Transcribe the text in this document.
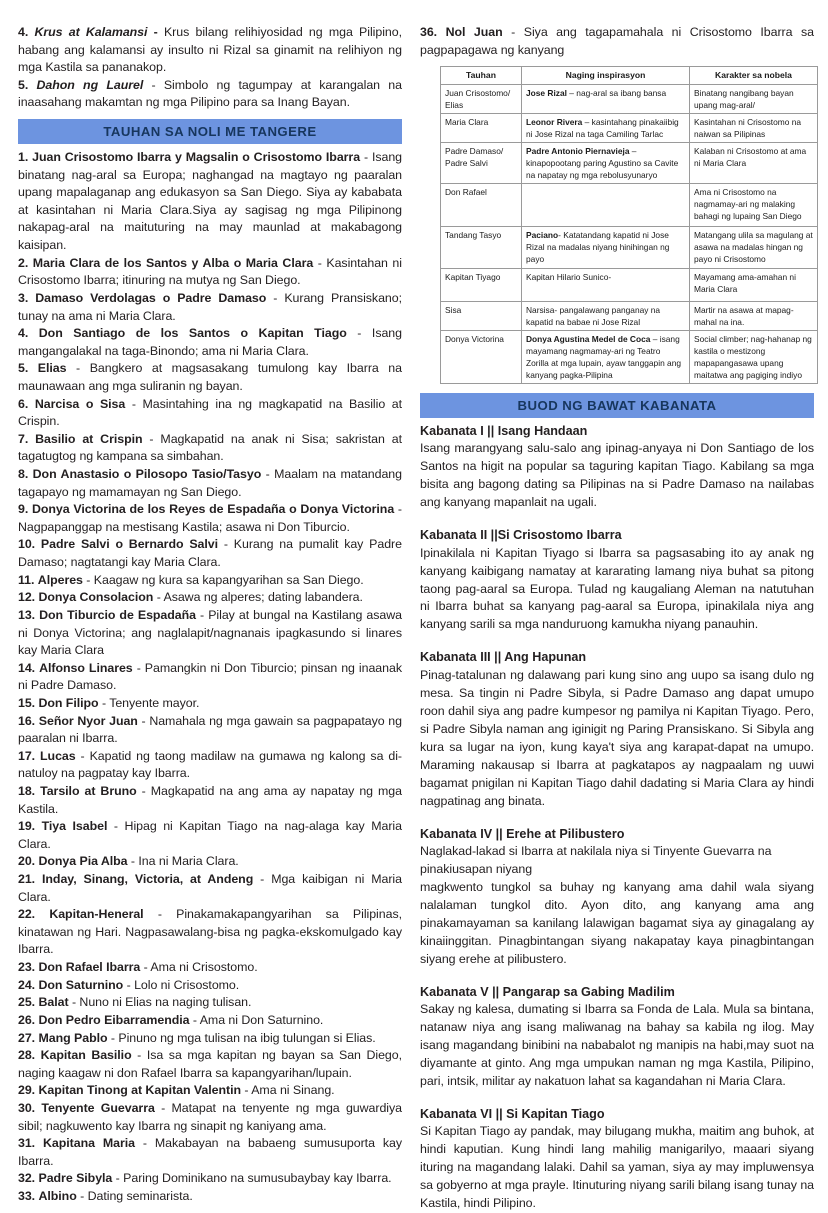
4. Krus at Kalamansi - Krus bilang relihiyosidad ng mga Pilipino, habang ang kalamansi ay insulto ni Rizal sa ginamit na relihiyon ng mga Kastila sa pananakop.

5. Dahon ng Laurel - Simbolo ng tagumpay at karangalan na inaasahang makamtan ng mga Pilipino para sa Inang Bayan.

TAUHAN SA NOLI ME TANGERE

1. Juan Crisostomo Ibarra y Magsalin o Crisostomo Ibarra - Isang binatang nag-aral sa Europa; naghangad na magtayo ng paaralan upang mapalaganap ang edukasyon sa San Diego. Siya ay kababata at kasintahan ni Maria Clara.Siya ay sagisag ng mga Pilipinong nakapag-aral na maituturing na may maunlad at makabagong kaisipan.

2. Maria Clara de los Santos y Alba o Maria Clara - Kasintahan ni Crisostomo Ibarra; itinuring na mutya ng San Diego.

3. Damaso Verdolagas o Padre Damaso - Kurang Pransiskano; tunay na ama ni Maria Clara.

4. Don Santiago de los Santos o Kapitan Tiago - Isang mangangalakal na taga-Binondo; ama ni Maria Clara.

5. Elias - Bangkero at magsasakang tumulong kay Ibarra na maunawaan ang mga suliranin ng bayan.

6. Narcisa o Sisa - Masintahing ina ng magkapatid na Basilio at Crispin.

7. Basilio at Crispin - Magkapatid na anak ni Sisa; sakristan at tagatugtog ng kampana sa simbahan.

8. Don Anastasio o Pilosopo Tasio/Tasyo - Maalam na matandang tagapayo ng mamamayan ng San Diego.

9. Donya Victorina de los Reyes de Espadaña o Donya Victorina - Nagpapanggap na mestisang Kastila; asawa ni Don Tiburcio.

10. Padre Salvi o Bernardo Salvi - Kurang na pumalit kay Padre Damaso; nagtatangi kay Maria Clara.

11. Alperes - Kaagaw ng kura sa kapangyarihan sa San Diego.

12. Donya Consolacion - Asawa ng alperes; dating labandera.

13. Don Tiburcio de Espadaña - Pilay at bungal na Kastilang asawa ni Donya Victorina; ang naglalapit/nagnanais ipagkasundo si linares kay Maria Clara

14. Alfonso Linares - Pamangkin ni Don Tiburcio; pinsan ng inaanak ni Padre Damaso.

15. Don Filipo - Tenyente mayor.

16. Señor Nyor Juan - Namahala ng mga gawain sa pagpapatayo ng paaralan ni Ibarra.

17. Lucas - Kapatid ng taong madilaw na gumawa ng kalong sa di-natuloy na pagpatay kay Ibarra.

18. Tarsilo at Bruno - Magkapatid na ang ama ay napatay ng mga Kastila.

19. Tiya Isabel - Hipag ni Kapitan Tiago na nag-alaga kay Maria Clara.

20. Donya Pia Alba - Ina ni Maria Clara.

21. Inday, Sinang, Victoria, at Andeng - Mga kaibigan ni Maria Clara.

22. Kapitan-Heneral - Pinakamakapangyarihan sa Pilipinas, kinatawan ng Hari. Nagpasawalang-bisa ng pagka-ekskomulgado kay Ibarra.

23. Don Rafael Ibarra - Ama ni Crisostomo.

24. Don Saturnino - Lolo ni Crisostomo.

25. Balat - Nuno ni Elias na naging tulisan.

26. Don Pedro Eibarramendia - Ama ni Don Saturnino.

27. Mang Pablo - Pinuno ng mga tulisan na ibig tulungan si Elias.

28. Kapitan Basilio - Isa sa mga kapitan ng bayan sa San Diego, naging kaagaw ni don Rafael Ibarra sa kapangyarihan/lupain.

29. Kapitan Tinong at Kapitan Valentin - Ama ni Sinang.

30. Tenyente Guevarra - Matapat na tenyente ng mga guwardiya sibil; nagkuwento kay Ibarra ng sinapit ng kaniyang ama.

31. Kapitana Maria - Makabayan na babaeng sumusuporta kay Ibarra.

32. Padre Sibyla - Paring Dominikano na sumusubaybay kay Ibarra.

33. Albino - Dating seminarista.

36. Nol Juan - Siya ang tagapamahala ni Crisostomo Ibarra sa pagpapagawa ng kanyang

Tauhan	Naging inspirasyon	Karakter sa nobela
Juan Crisostomo/ Elias	Jose Rizal – nag-aral sa ibang bansa	Binatang nangibang bayan upang mag-aral/
Maria Clara	Leonor Rivera – kasintahang pinakaiibig ni Jose Rizal na taga Camiling Tarlac	Kasintahan ni Crisostomo na naiwan sa Pilipinas
Padre Damaso/ Padre Salvi	Padre Antonio Piernavieja – kinapopootang paring Agustino sa Cavite na napatay ng mga rebolusyunaryo	Kalaban ni Crisostomo at ama ni Maria Clara
Don Rafael		Ama ni Crisostomo na nagmamay-ari ng malaking bahagi ng lupaing San Diego
Tandang Tasyo	Paciano- Katatandang kapatid ni Jose Rizal na madalas niyang hinihingan ng payo	Matangang ulila sa magulang at asawa na madalas hingan ng payo ni Crisostomo
Kapitan Tiyago	Kapitan Hilario Sunico-	Mayamang ama-amahan ni Maria Clara
Sisa	Narsisa- pangalawang panganay na kapatid na babae ni Jose Rizal	Martir na asawa at mapag-mahal na ina.
Donya Victorina	Donya Agustina Medel de Coca – isang mayamang nagmamay-ari ng Teatro Zorilla at mga lupain, ayaw tanggapin ang kanyang pagka-Pilipina	Social climber; nag-hahanap ng kastila o mestizong mapapangasawa upang maitatwa ang pagiging indiyo
BUOD NG BAWAT KABANATA

Kabanata I || Isang Handaan

Isang marangyang salu-salo ang ipinag-anyaya ni Don Santiago de los Santos na higit na popular sa taguring kapitan Tiago. Kabilang sa mga bisita ang bagong dating sa Pilipinas na si Padre Damaso na nailabas ang kanyang mapanlait na ugali.

Kabanata II ||Si Crisostomo Ibarra

Ipinakilala ni Kapitan Tiyago si Ibarra sa pagsasabing ito ay anak ng kanyang kaibigang namatay at kararating lamang niya buhat sa pitong taong pag-aaral sa Europa. Tulad ng kaugaliang Aleman na natutuhan ni Ibarra buhat sa kanyang pag-aaral sa Europa, ipinakilala niya ang kanyang sarili sa mga nanduruong kamukha niyang panauhin.

Kabanata III || Ang Hapunan

Pinag-tatalunan ng dalawang pari kung sino ang uupo sa isang dulo ng mesa. Sa tingin ni Padre Sibyla, si Padre Damaso ang dapat umupo roon dahil siya ang padre kumpesor ng pamilya ni Kapitan Tiyago. Pero, si Padre Sibyla naman ang iginigit ng Paring Pransiskano. Si Sibyla ang kura sa lugar na iyon, kung kaya't siya ang karapat-dapat na umupo. Maraming nakausap si Ibarra at pagkatapos ay nagpaalam ng uuwi bagamat pnigilan ni Kapitan Tiago dahil dadating si Maria Clara ay hindi nagpatinag ang binata.

Kabanata IV || Erehe at Pilibustero

Naglakad-lakad si Ibarra at nakilala niya si Tinyente Guevarra na pinakiusapan niyang
magkwento tungkol sa buhay ng kanyang ama dahil wala siyang nalalaman tungkol dito. Ayon dito, ang kanyang ama ang pinakamayaman sa kanilang lalawigan bagamat siya ay ginagalang ay kinaiinggitan. Pinagbintangan siyang nakapatay kaya pinagbintangan siyang erehe at pilibustero.

Kabanata V || Pangarap sa Gabing Madilim

Sakay ng kalesa, dumating si Ibarra sa Fonda de Lala. Mula sa bintana, natanaw niya ang isang maliwanag na bahay sa kabila ng ilog. May isang magandang binibini na nababalot ng manipis na habi,may suot na diyamante at ginto. Ang mga umpukan naman ng mga Kastila, Pilipino, pari, intsik, militar ay nakatuon lahat sa kagandahan ni Maria Clara.

Kabanata VI || Si Kapitan Tiago

Si Kapitan Tiago ay pandak, may bilugang mukha, maitim ang buhok, at hindi kaputian. Kung hindi lang mahilig manigarilyo, maaari siyang ituring na magandang lalaki. Dahil sa yaman, siya ay may impluwensya sa gobyerno at mga prayle. Itinuturing niyang sarili bilang isang tunay na Kastila, hindi Pilipino.
